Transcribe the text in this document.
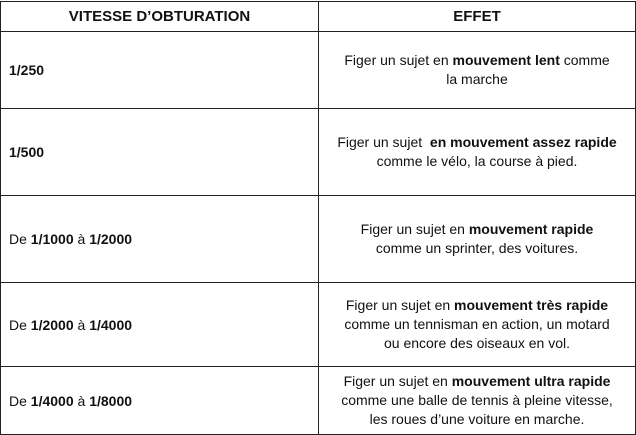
VITESSE D’OBTURATION	EFFET
1/250	Figer un sujet en mouvement lent comme
la marche
1/500	Figer un sujet  en mouvement assez rapide
comme le vélo, la course à pied.
De 1/1000 à 1/2000	Figer un sujet en mouvement rapide
comme un sprinter, des voitures.
De 1/2000 à 1/4000	Figer un sujet en mouvement très rapide
comme un tennisman en action, un motard
ou encore des oiseaux en vol.
De 1/4000 à 1/8000	Figer un sujet en mouvement ultra rapide
comme une balle de tennis à pleine vitesse,
les roues d’une voiture en marche.
